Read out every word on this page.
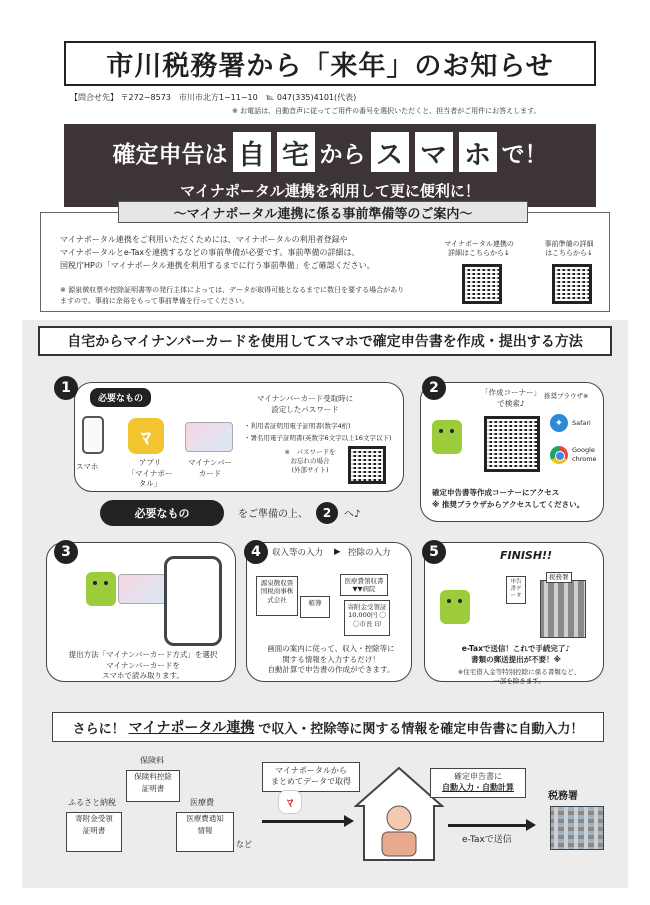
市川税務署から「来年」のお知らせ
【問合せ先】 〒272−8573　市川市北方1−11−10　℡ 047(335)4101(代表)
※ お電話は、自動音声に従ってご用件の番号を選択いただくと、担当者がご用件にお答えします。
確定申告は 自 宅 から ス マ ホ で！
マイナポータル連携を利用して更に便利に！
〜マイナポータル連携に係る事前準備等のご案内〜
マイナポータル連携をご利用いただくためには、マイナポータルの利用者登録や
マイナポータルとe-Taxを連携するなどの事前準備が必要です。事前準備の詳細は、
国税庁HPの「マイナポータル連携を利用するまでに行う事前準備」をご確認ください。
※ 源泉徴収票や控除証明書等の発行主体によっては、データが取得可能となるまでに数日を要する場合があり
ますので、事前に余裕をもって事前準備を行ってください。
マイナポータル連携の
詳細はこちらから↓
事前準備の詳細
はこちらから↓
自宅からマイナンバーカードを使用してスマホで確定申告書を作成・提出する方法
1
必要なもの
スマホ
ﾏ
アプリ
「マイナポータル」
マイナンバー
カード
マイナンバーカード受取時に
設定したパスワード
・利用者証明用電子証明書(数字4桁)
・署名用電子証明書(英数字6文字以上16文字以下)
※　パスワードを
お忘れの場合
(外部サイト)
必要なもの	をご準備の上、	2	へ♪
2	「作成コーナー」
で検索♪
推奨ブラウザ※
✦	Safari
Google
chrome
確定申告書等作成コーナーにアクセス
※ 推奨ブラウザからアクセスしてください。
3
提出方法「マイナンバーカード方式」を選択
マイナンバーカードを
スマホで読み取ります。
4	収入等の入力 ▶ 控除の入力
源泉徴収票
国税商事株式会社	帳簿
医療費領収書
▼▼病院
寄附金受領証
10,000円 〇〇市長 印
画面の案内に従って、収入・控除等に
関する情報を入力するだけ！
自動計算で申告書の作成ができます。
5	FINISH!!
申告書データ
税務署
e-Taxで送信！これで手続完了♪
書類の郵送提出が不要！※
※住宅借入金等特別控除に係る書類など、
一部を除きます。
さらに！ マイナポータル連携 で収入・控除等に関する情報を確定申告書に自動入力！
保険料
保険料控除
証明書
ふるさと納税
寄附金受領
証明書
医療費
医療費通知
情報
など
マイナポータルから
まとめてデータで取得
ﾏ
確定申告書に
自動入力・自動計算
e-Taxで送信
税務署
